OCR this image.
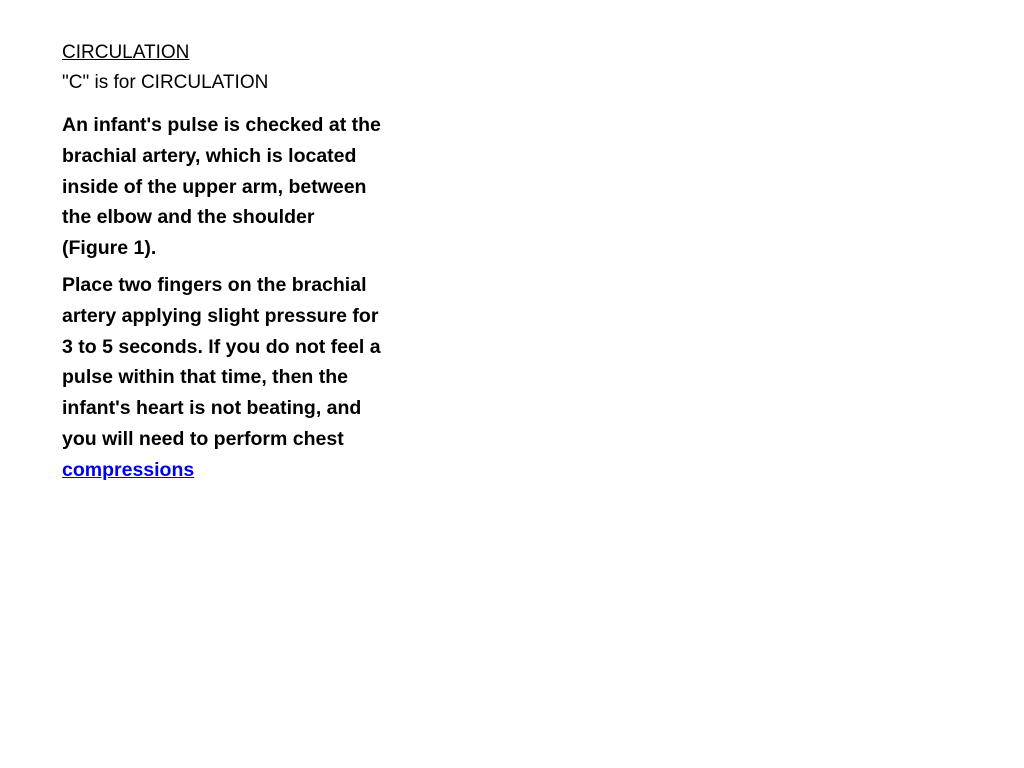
CIRCULATION
"C" is for CIRCULATION

An infant's pulse is checked at the brachial artery, which is located inside of the upper arm, between the elbow and the shoulder (Figure 1).

Place two fingers on the brachial artery applying slight pressure for 3 to 5 seconds. If you do not feel a pulse within that time, then the infant's heart is not beating, and you will need to perform chest
compressions
